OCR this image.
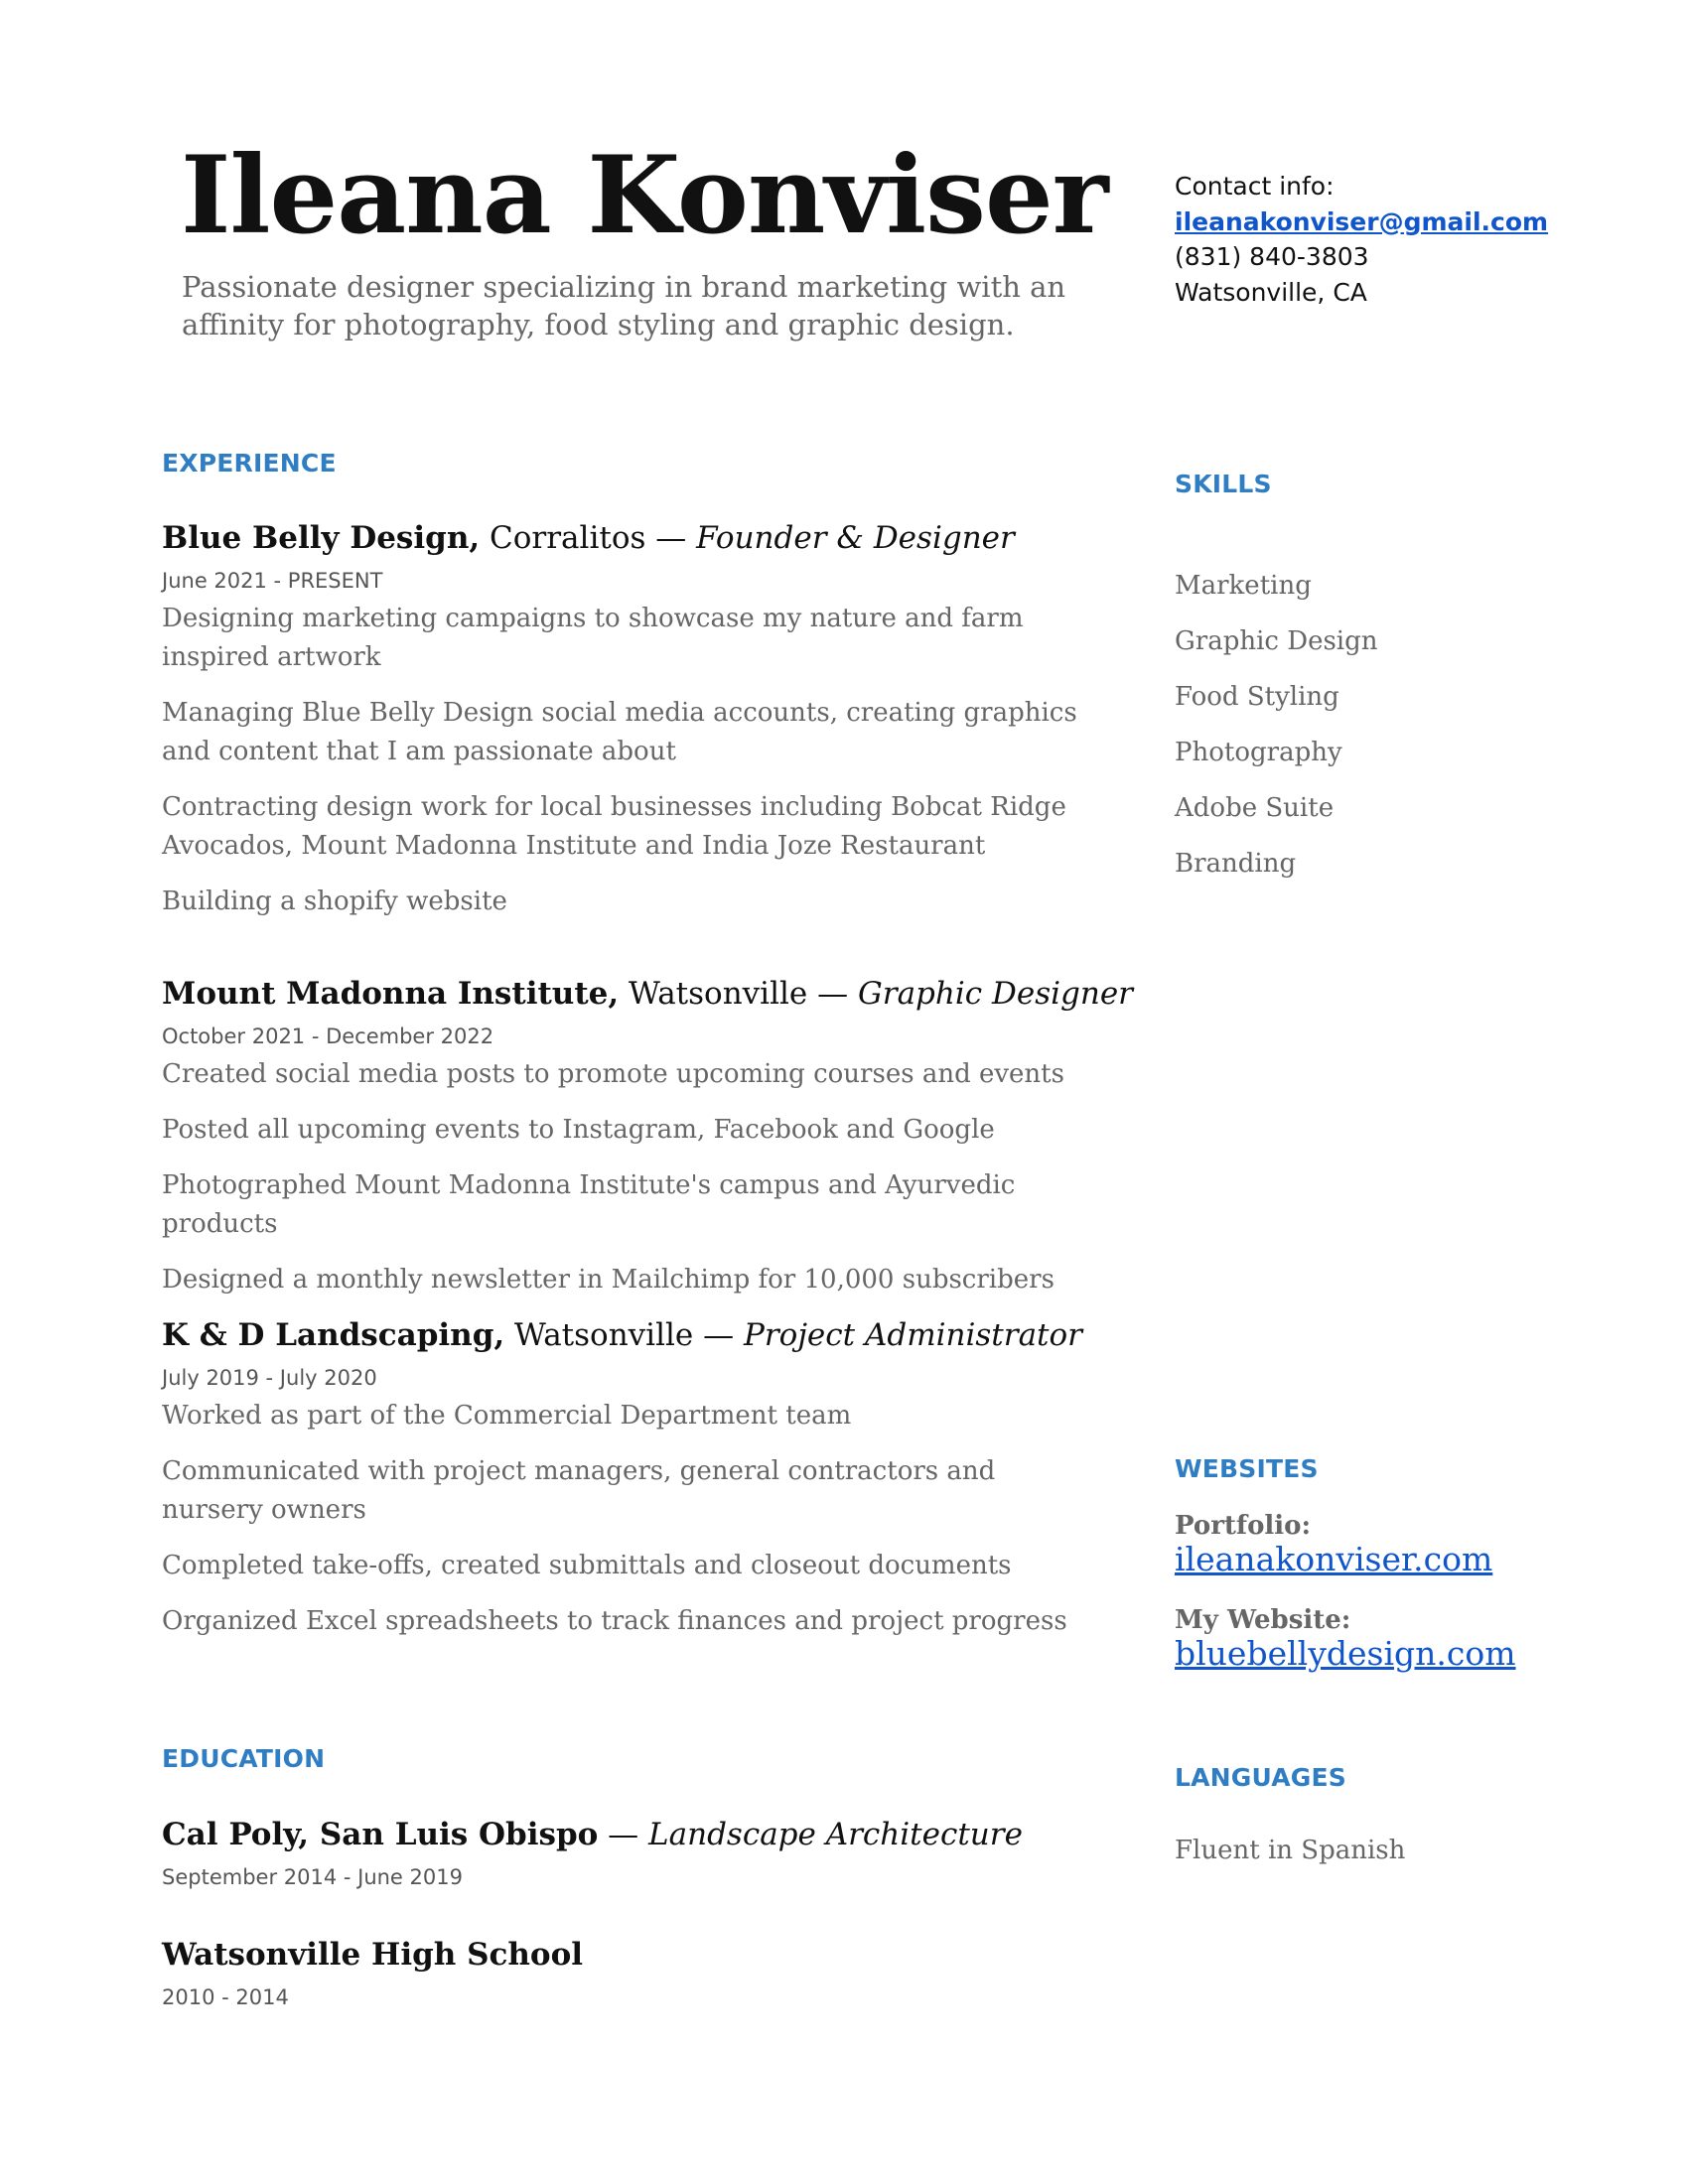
Ileana Konviser
Passionate designer specializing in brand marketing with an affinity for photography, food styling and graphic design.
Contact info:
ileanakonviser@gmail.com
(831) 840-3803
Watsonville, CA
EXPERIENCE
Blue Belly Design, Corralitos — Founder & Designer
June 2021 - PRESENT
Designing marketing campaigns to showcase my nature and farm inspired artwork
Managing Blue Belly Design social media accounts, creating graphics and content that I am passionate about
Contracting design work for local businesses including Bobcat Ridge Avocados, Mount Madonna Institute and India Joze Restaurant
Building a shopify website
Mount Madonna Institute, Watsonville — Graphic Designer
October 2021 - December 2022
Created social media posts to promote upcoming courses and events
Posted all upcoming events to Instagram, Facebook and Google
Photographed Mount Madonna Institute's campus and Ayurvedic products
Designed a monthly newsletter in Mailchimp for 10,000 subscribers
K & D Landscaping, Watsonville — Project Administrator
July 2019 - July 2020
Worked as part of the Commercial Department team
Communicated with project managers, general contractors and nursery owners
Completed take-offs, created submittals and closeout documents
Organized Excel spreadsheets to track finances and project progress
EDUCATION
Cal Poly, San Luis Obispo — Landscape Architecture
September 2014 - June 2019
Watsonville High School
2010 - 2014
SKILLS
Marketing
Graphic Design
Food Styling
Photography
Adobe Suite
Branding
WEBSITES
Portfolio:
ileanakonviser.com
My Website:
bluebellydesign.com
LANGUAGES
Fluent in Spanish
